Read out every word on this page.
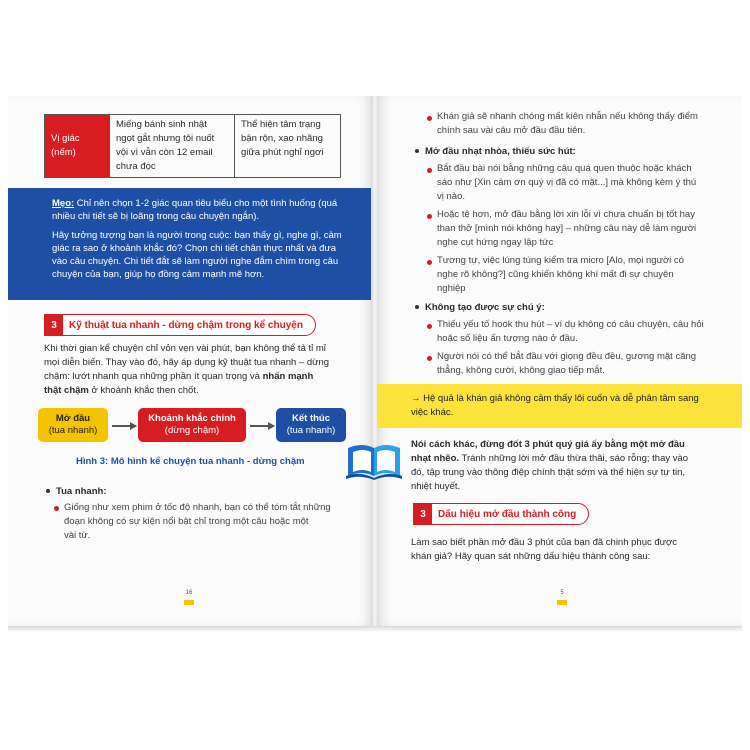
Vị giác
(nếm)

Miếng bánh sinh nhật
ngọt gắt nhưng tôi nuốt
vội vì vẫn còn 12 email
chưa đọc

Thể hiện tâm trạng
bận rộn, xao nhãng
giữa phút nghỉ ngơi

Mẹo: Chỉ nên chọn 1-2 giác quan tiêu biểu cho một tình huống (quá

nhiều chi tiết sẽ bị loãng trong câu chuyện ngắn).

Hãy tưởng tượng bạn là người trong cuộc: bạn thấy gì, nghe gì, cảm

giác ra sao ở khoảnh khắc đó? Chọn chi tiết chân thực nhất và đưa

vào câu chuyện. Chi tiết đắt sẽ làm người nghe đắm chìm trong câu

chuyện của bạn, giúp họ đồng cảm mạnh mẽ hơn.

3	Kỹ thuật tua nhanh - dừng chậm trong kể chuyện

Khi thời gian kể chuyện chỉ vỏn vẹn vài phút, bạn không thể tả tỉ mỉ

mọi diễn biến. Thay vào đó, hãy áp dụng kỹ thuật tua nhanh – dừng

chậm: lướt nhanh qua những phần ít quan trọng và nhấn mạnh

thật chậm ở khoảnh khắc then chốt.

Mở đầu
(tua nhanh)
Khoảnh khắc chính
(dừng chậm)
Kết thúc
(tua nhanh)
Hình 3: Mô hình kể chuyện tua nhanh - dừng chậm
Tua nhanh:
Giống như xem phim ở tốc độ nhanh, bạn có thể tóm tắt những
đoạn không có sự kiện nổi bật chỉ trong một câu hoặc một
vài từ.
16
Khán giả sẽ nhanh chóng mất kiên nhẫn nếu không thấy điểm
chính sau vài câu mở đầu đầu tiên.
Mở đầu nhạt nhòa, thiếu sức hút:
Bắt đầu bài nói bằng những câu quá quen thuộc hoặc khách
sáo như [Xin cảm ơn quý vị đã có mặt...] mà không kèm ý thú
vị nào.
Hoặc tệ hơn, mở đầu bằng lời xin lỗi vì chưa chuẩn bị tốt hay
than thở [mình nói không hay] – những câu này dễ làm người
nghe cụt hứng ngay lập tức
Tương tự, việc lúng túng kiểm tra micro [Alo, mọi người có
nghe rõ không?] cũng khiến không khí mất đi sự chuyên
nghiệp
Không tạo được sự chú ý:
Thiếu yếu tố hook thu hút – ví dụ không có câu chuyện, câu hỏi
hoặc số liệu ấn tượng nào ở đầu.
Người nói có thể bắt đầu với giọng đều đều, gương mặt căng
thẳng, không cười, không giao tiếp mắt.
→ Hệ quả là khán giả không cảm thấy lôi cuốn và dễ phân tâm sang
việc khác.

Nói cách khác, đừng đốt 3 phút quý giá ấy bằng một mở đầu

nhạt nhẽo. Tránh những lời mở đầu thừa thãi, sáo rỗng; thay vào

đó, tập trung vào thông điệp chính thật sớm và thể hiện sự tự tin,

nhiệt huyết.

3	Dấu hiệu mở đầu thành công

Làm sao biết phần mở đầu 3 phút của bạn đã chinh phục được

khán giả? Hãy quan sát những dấu hiệu thành công sau:

5
